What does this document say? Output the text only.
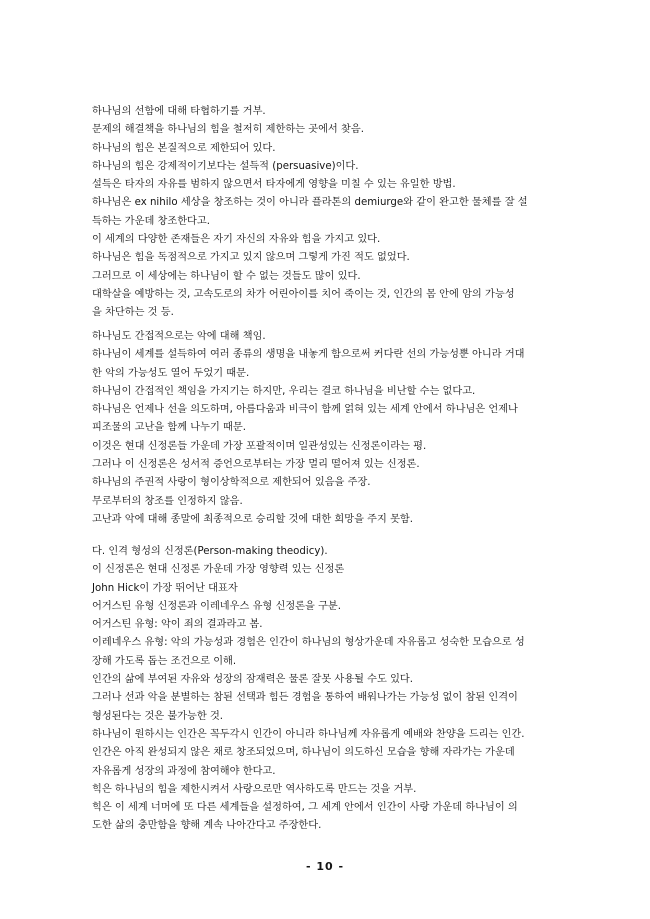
하나님의 선함에 대해 타협하기를 거부.
문제의 해결책을 하나님의 힘을 철저히 제한하는 곳에서 찾음.
하나님의 힘은 본질적으로 제한되어 있다.
하나님의 힘은 강제적이기보다는 설득적 (persuasive)이다.
설득은 타자의 자유를 범하지 않으면서 타자에게 영향을 미칠 수 있는 유일한 방법.
하나님은 ex nihilo 세상을 창조하는 것이 아니라 플라톤의 demiurge와 같이 완고한 물체를 잘 설
득하는 가운데 창조한다고.
이 세계의 다양한 존재들은 자기 자신의 자유와 힘을 가지고 있다.
하나님은 힘을 독점적으로 가지고 있지 않으며 그렇게 가진 적도 없었다.
그러므로 이 세상에는 하나님이 할 수 없는 것들도 많이 있다.
대학살을 예방하는 것, 고속도로의 차가 어린아이를 치어 죽이는 것, 인간의 몸 안에 암의 가능성
을 차단하는 것 등.
하나님도 간접적으로는 악에 대해 책임.
하나님이 세계를 설득하여 여러 종류의 생명을 내놓게 함으로써 커다란 선의 가능성뿐 아니라 거대
한 악의 가능성도 열어 두었기 때문.
하나님이 간접적인 책임을 가지기는 하지만, 우리는 결코 하나님을 비난할 수는 없다고.
하나님은 언제나 선을 의도하며, 아름다움과 비극이 함께 얽혀 있는 세계 안에서 하나님은 언제나
피조물의 고난을 함께 나누기 때문.
이것은 현대 신정론들 가운데 가장 포괄적이며 일관성있는 신정론이라는 평.
그러나 이 신정론은 성서적 증언으로부터는 가장 멀리 떨어져 있는 신정론.
하나님의 주권적 사랑이 형이상학적으로 제한되어 있음을 주장.
무로부터의 창조를 인정하지 않음.
고난과 악에 대해 종말에 최종적으로 승리할 것에 대한 희망을 주지 못함.
다. 인격 형성의 신정론(Person-making theodicy).
이 신정론은 현대 신정론 가운데 가장 영향력 있는 신정론
John Hick이 가장 뛰어난 대표자
어거스틴 유형 신정론과 이레네우스 유형 신정론을 구분.
어거스틴 유형: 악이 죄의 결과라고 봄.
이레네우스 유형: 악의 가능성과 경험은 인간이 하나님의 형상가운데 자유롭고 성숙한 모습으로 성
장해 가도록 돕는 조건으로 이해.
인간의 삶에 부여된 자유와 성장의 잠재력은 물론 잘못 사용될 수도 있다.
그러나 선과 악을 분별하는 참된 선택과 힘든 경험을 통하여 배워나가는 가능성 없이 참된 인격이
형성된다는 것은 불가능한 것.
하나님이 원하시는 인간은 꼭두각시 인간이 아니라 하나님께 자유롭게 예배와 찬양을 드리는 인간.
인간은 아직 완성되지 않은 채로 창조되었으며, 하나님이 의도하신 모습을 향해 자라가는 가운데
자유롭게 성장의 과정에 참여해야 한다고.
힉은 하나님의 힘을 제한시켜서 사랑으로만 역사하도록 만드는 것을 거부.
힉은 이 세계 너머에 또 다른 세계들을 설정하여, 그 세계 안에서 인간이 사랑 가운데 하나님이 의
도한 삶의 충만함을 향해 계속 나아간다고 주장한다.
- 10 -
